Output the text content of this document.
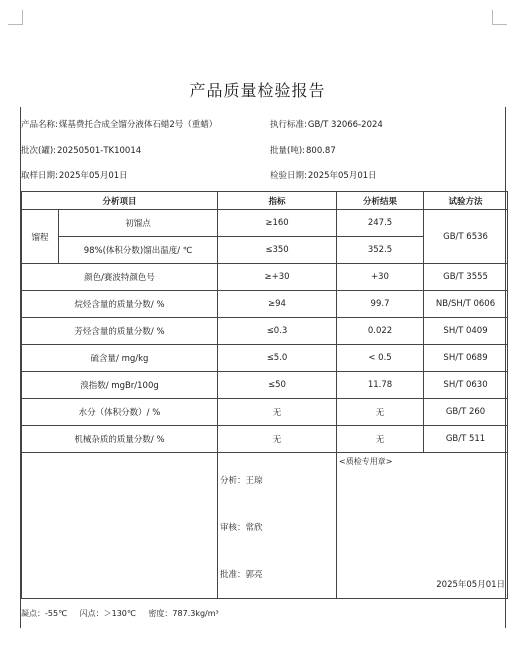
产品质量检验报告
产品名称:煤基费托合成全馏分液体石蜡2号（重蜡）	执行标准:GB/T 32066-2024
批次(罐):20250501-TK10014	批量(吨):800.87
取样日期:2025年05月01日	检验日期:2025年05月01日
分析项目		指标	分析结果	试验方法
馏程	初馏点	≥160	247.5	GB/T 6536
	98%(体积分数)馏出温度/ ℃	≤350	352.5	
颜色/赛波特颜色号		≥+30	+30	GB/T 3555
烷烃含量的质量分数/ %		≥94	99.7	NB/SH/T 0606
芳烃含量的质量分数/ %		≤0.3	0.022	SH/T 0409
硫含量/ mg/kg		≤5.0	< 0.5	SH/T 0689
溴指数/ mgBr/100g		≤50	11.78	SH/T 0630
水分（体积分数）/ %		无	无	GB/T 260
机械杂质的质量分数/ %		无	无	GB/T 511

		分析：王琼
审核：常欣
批准：郭亮	<质检专用章>
2025年05月01日	
凝点：-55℃ 闪点：＞130℃ 密度：787.3kg/m³
